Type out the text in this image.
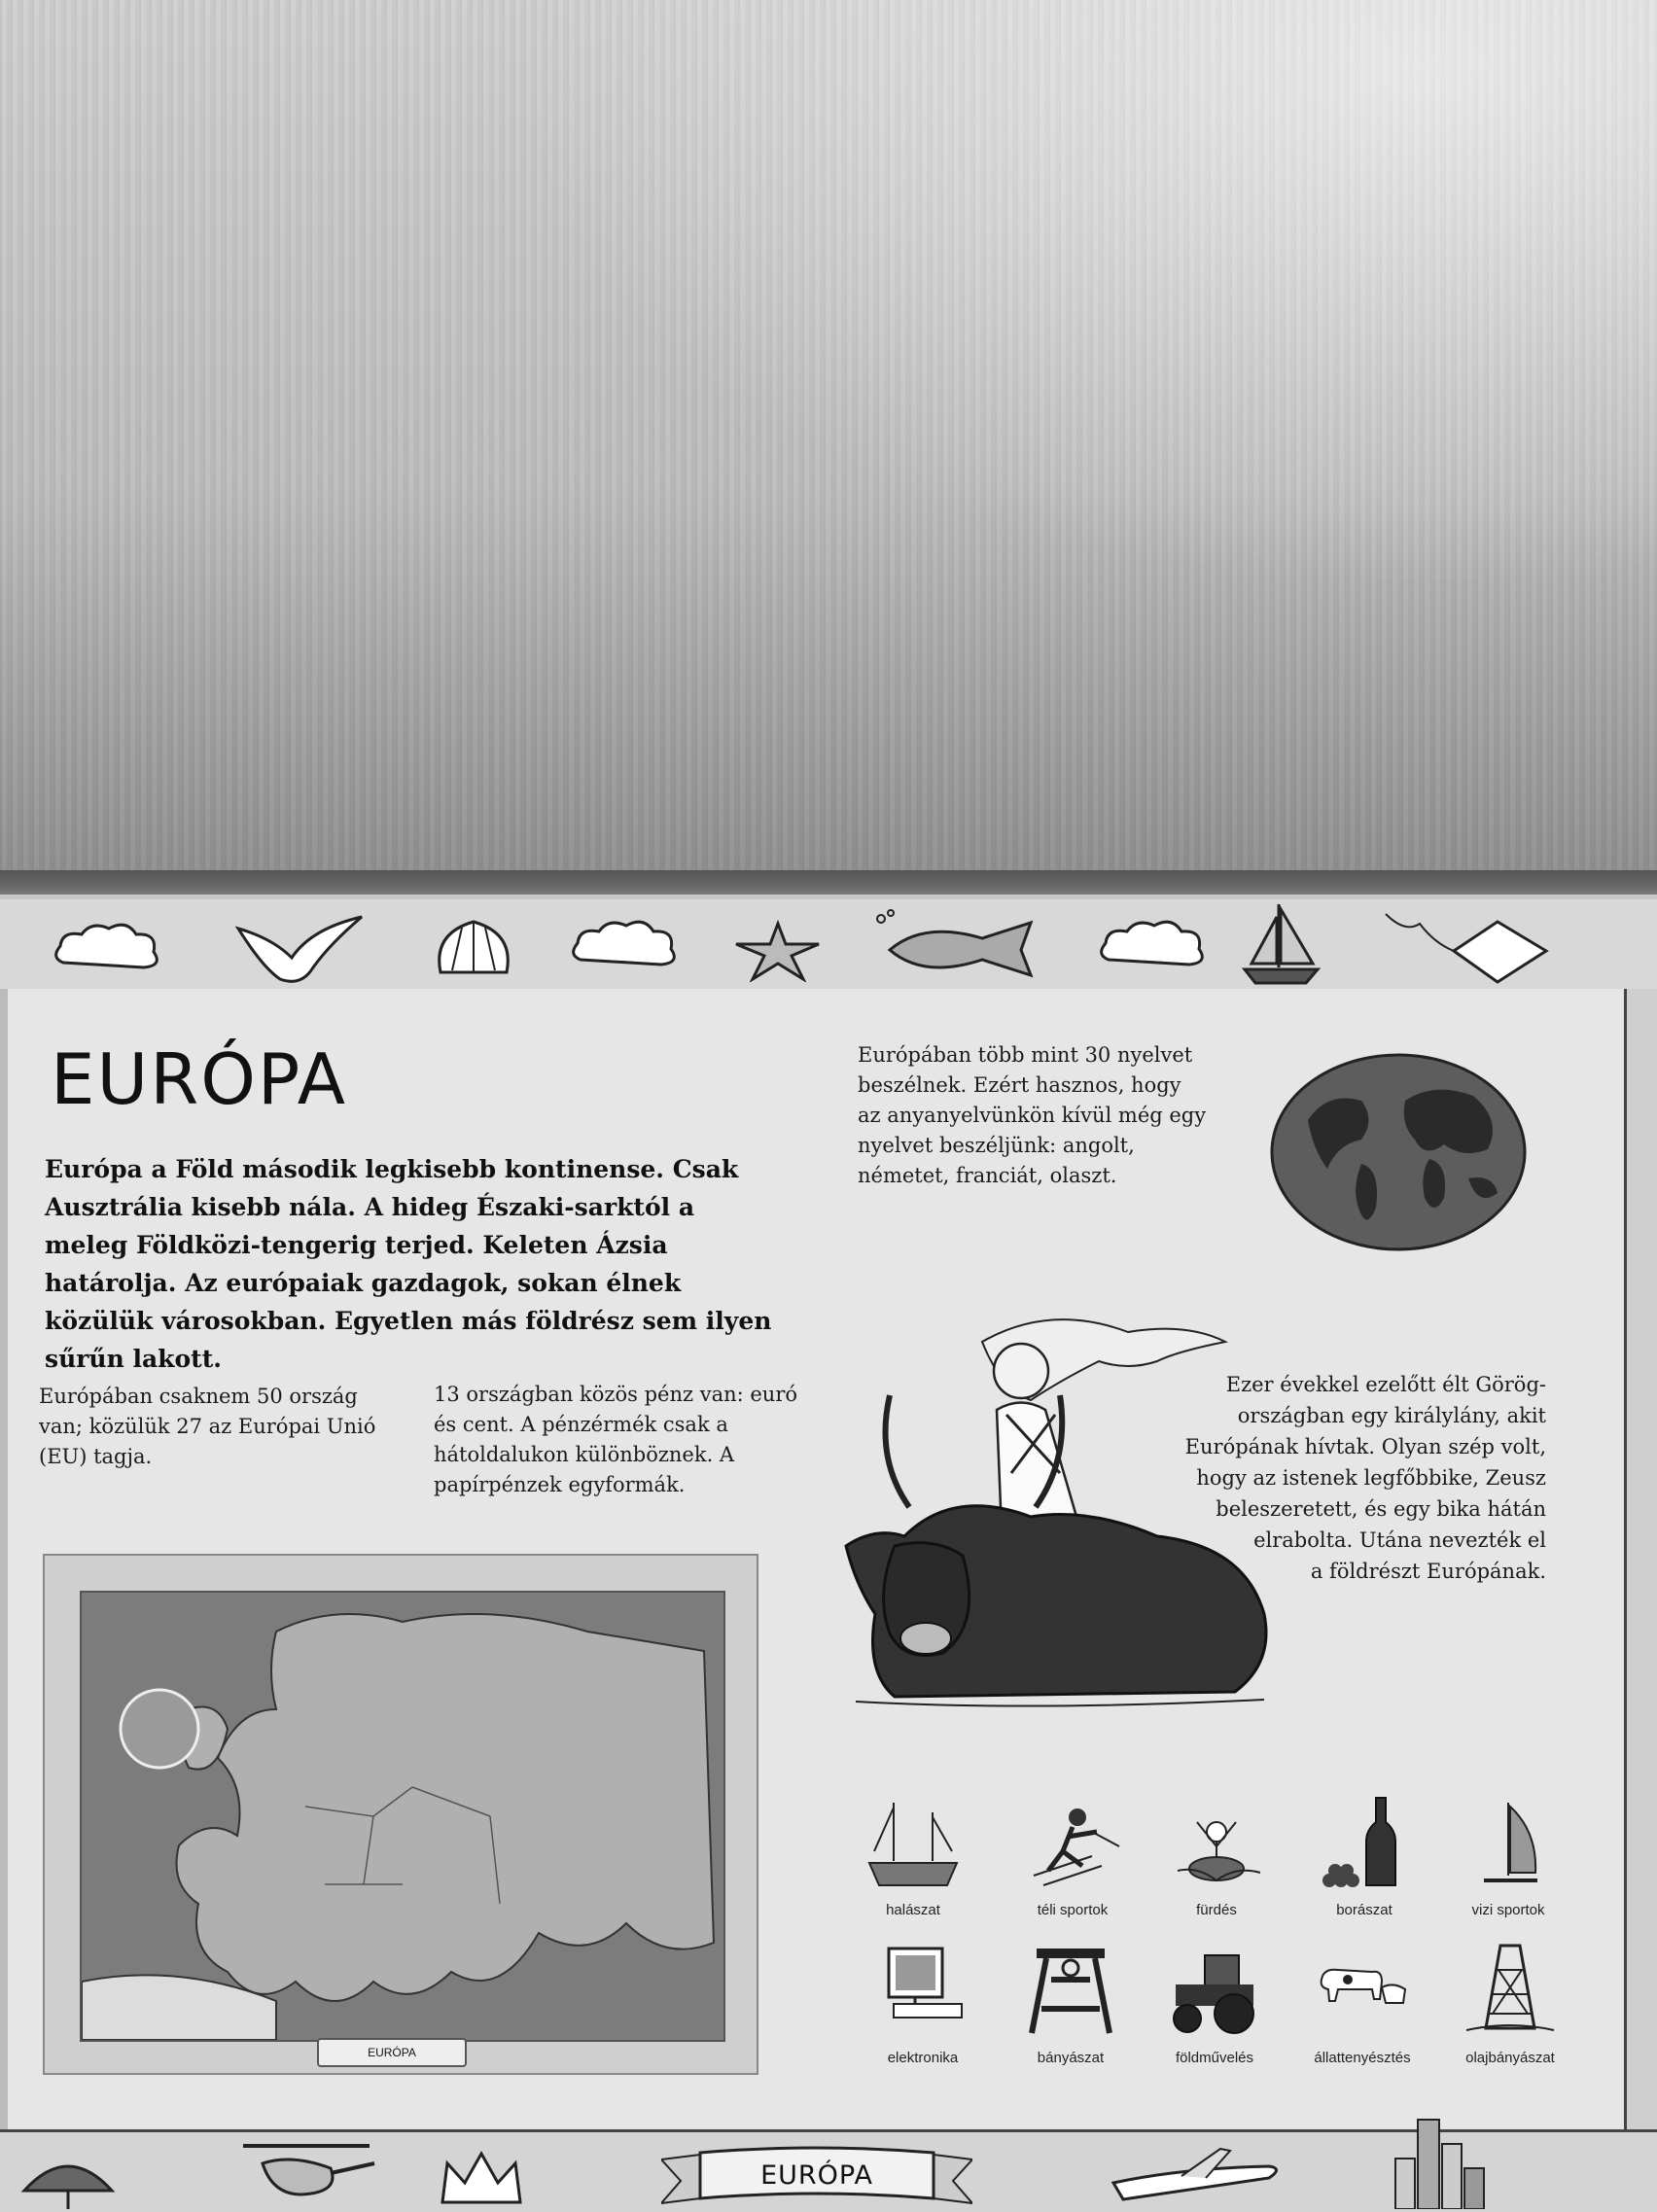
EURÓPA

Európa a Föld második legkisebb kontinense. Csak Ausztrália kisebb nála. A hideg Északi-sarktól a meleg Földközi-tengerig terjed. Keleten Ázsia határolja. Az európaiak gazdagok, sokan élnek közülük városokban. Egyetlen más földrész sem ilyen sűrűn lakott.

Európában csaknem 50 ország van; közülük 27 az Európai Unió (EU) tagja.

13 országban közös pénz van: euró és cent. A pénzérmék csak a hátoldalukon különböznek. A papírpénzek egyformák.

Európában több mint 30 nyelvet beszélnek. Ezért hasznos, hogy az anyanyelvünkön kívül még egy nyelvet beszéljünk: angolt, németet, franciát, olaszt.

Ezer évekkel ezelőtt élt Görög-
országban egy királylány, akit
Európának hívtak. Olyan szép volt,
hogy az istenek legfőbbike, Zeusz
beleszeretett, és egy bika hátán
elrabolta. Utána nevezték el
a földrészt Európának.

EURÓPA
halászat	téli sportok	fürdés	borászat	vizi sportok
elektronika	bányászat	földművelés	állattenyésztés	olajbányászat
EURÓPA
